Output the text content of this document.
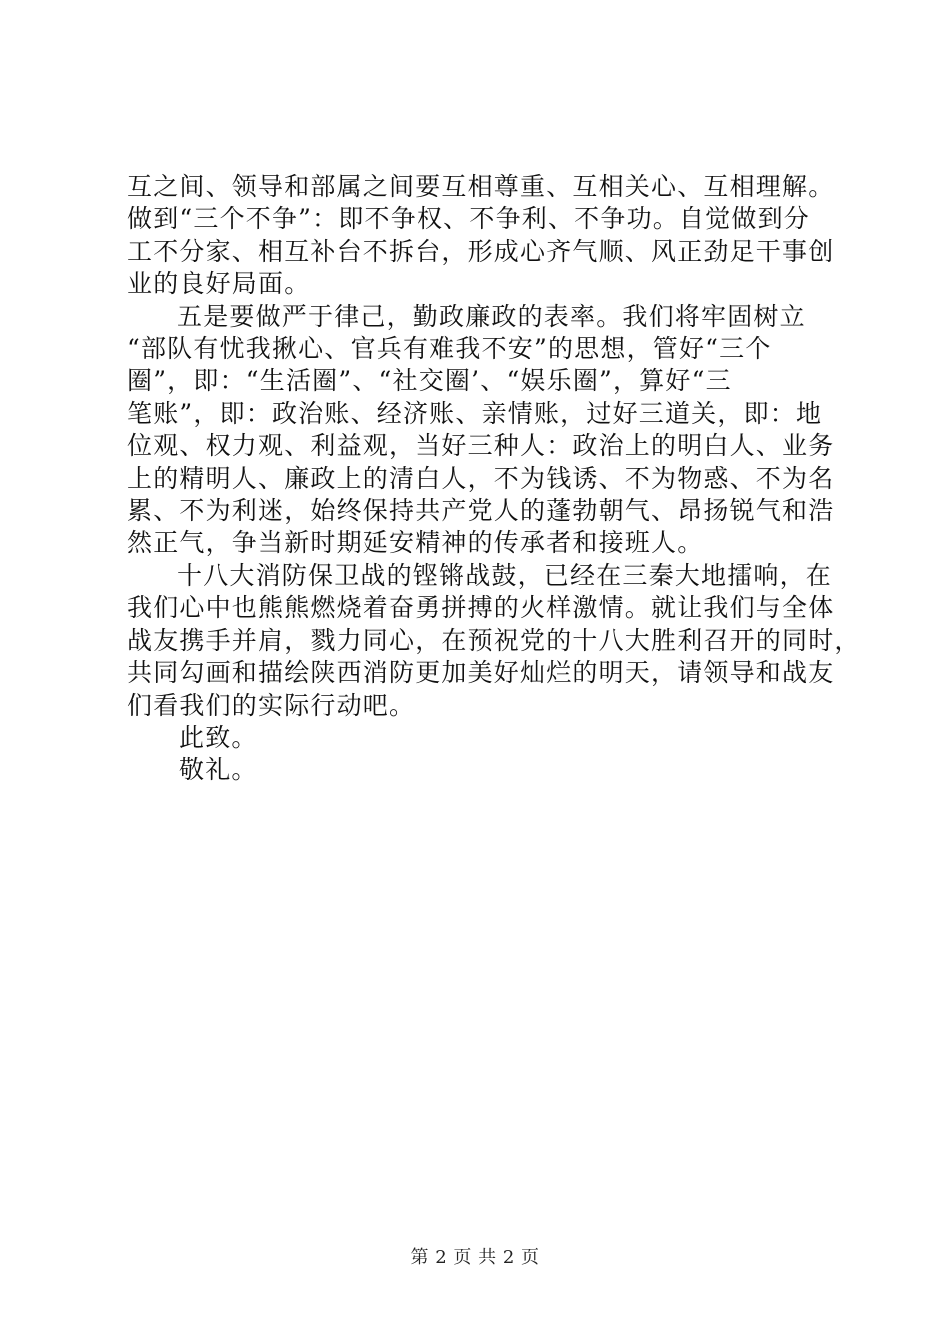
互之间、领导和部属之间要互相尊重、互相关心、互相理解。
做到“三个不争”：即不争权、不争利、不争功。自觉做到分
工不分家、相互补台不拆台，形成心齐气顺、风正劲足干事创
业的良好局面。

五是要做严于律己，勤政廉政的表率。我们将牢固树立
“部队有忧我揪心、官兵有难我不安”的思想，管好“三个
圈”，即：“生活圈”、“社交圈’、“娱乐圈”，算好“三
笔账”，即：政治账、经济账、亲情账，过好三道关，即：地
位观、权力观、利益观，当好三种人：政治上的明白人、业务
上的精明人、廉政上的清白人，不为钱诱、不为物惑、不为名
累、不为利迷，始终保持共产党人的蓬勃朝气、昂扬锐气和浩
然正气，争当新时期延安精神的传承者和接班人。

十八大消防保卫战的铿锵战鼓，已经在三秦大地擂响，在
我们心中也熊熊燃烧着奋勇拼搏的火样激情。就让我们与全体
战友携手并肩，戮力同心，在预祝党的十八大胜利召开的同时，
共同勾画和描绘陕西消防更加美好灿烂的明天，请领导和战友
们看我们的实际行动吧。

此致。

敬礼。

第 2 页 共 2 页
